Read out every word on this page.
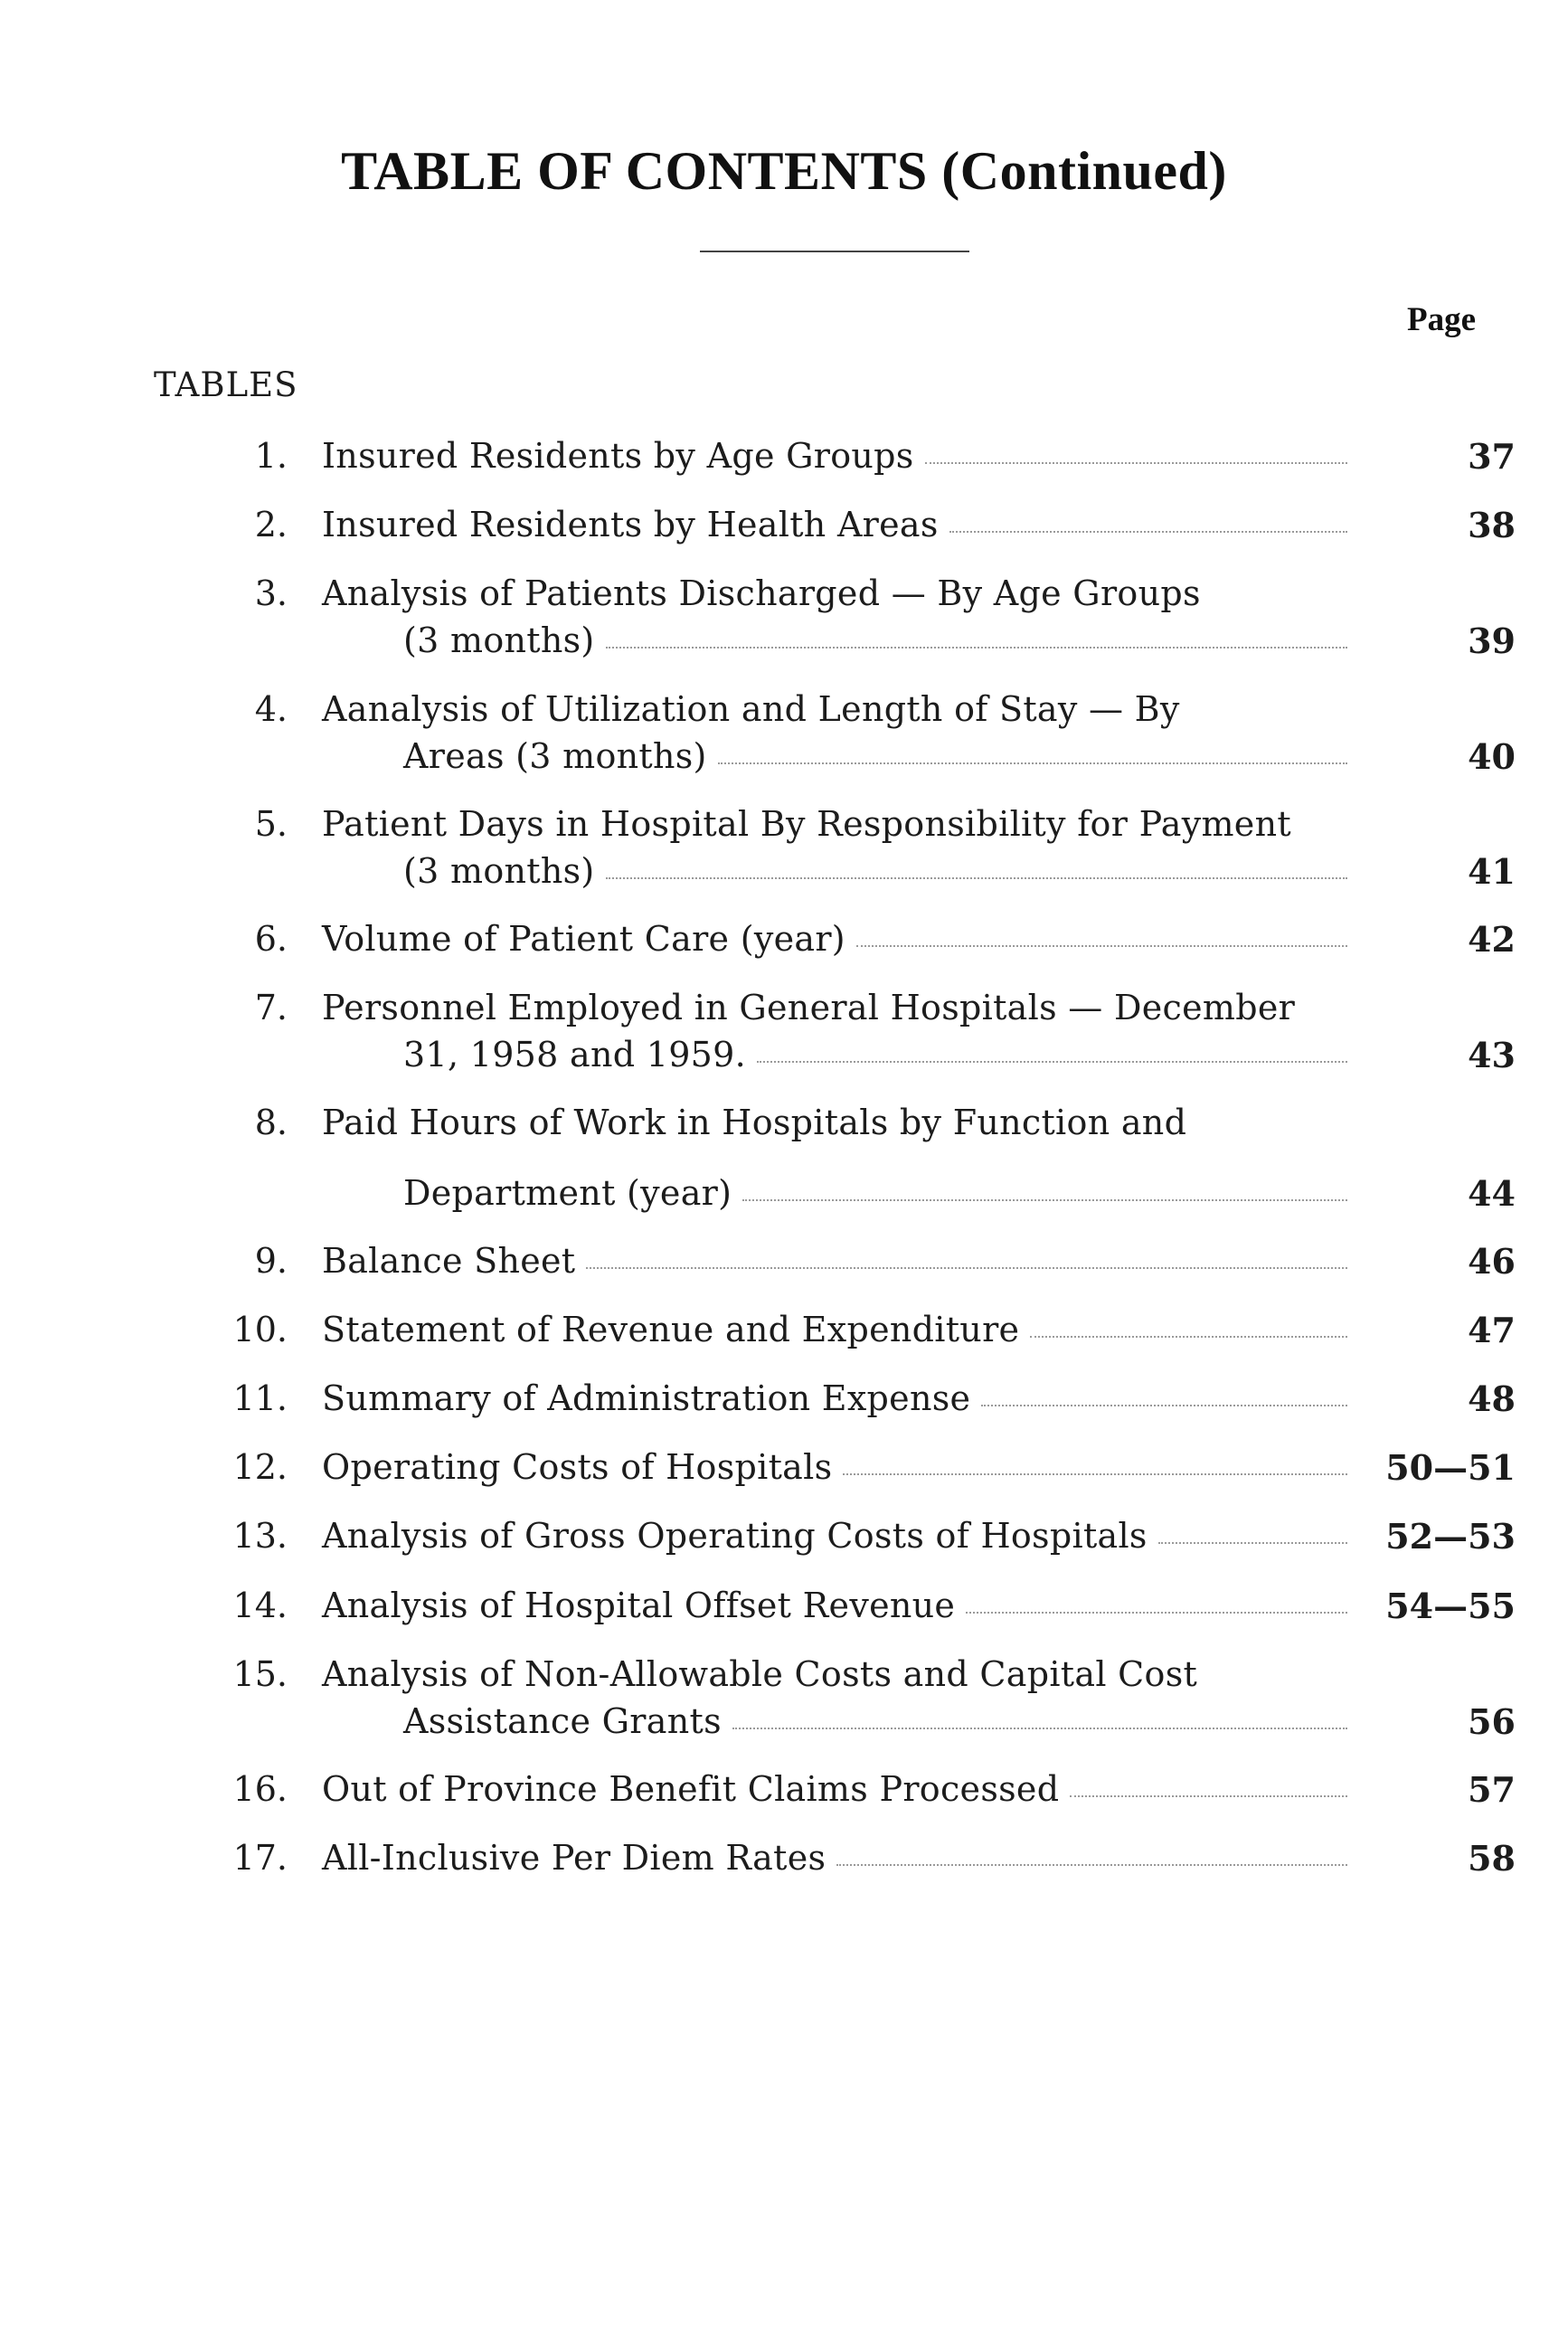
TABLE OF CONTENTS (Continued)
Page
TABLES
1. Insured Residents by Age Groups	37
2. Insured Residents by Health Areas	38
3. Analysis of Patients Discharged — By Age Groups
(3 months)	39
4. Aanalysis of Utilization and Length of Stay — By
Areas (3 months)	40
5. Patient Days in Hospital By Responsibility for Payment
(3 months)	41
6. Volume of Patient Care (year)	42
7. Personnel Employed in General Hospitals — December
31, 1958 and 1959.	43
8. Paid Hours of Work in Hospitals by Function and
Department (year)	44
9. Balance Sheet	46
10. Statement of Revenue and Expenditure	47
11. Summary of Administration Expense	48
12. Operating Costs of Hospitals	50—51
13. Analysis of Gross Operating Costs of Hospitals	52—53
14. Analysis of Hospital Offset Revenue	54—55
15. Analysis of Non-Allowable Costs and Capital Cost
Assistance Grants	56
16. Out of Province Benefit Claims Processed	57
17. All-Inclusive Per Diem Rates	58
